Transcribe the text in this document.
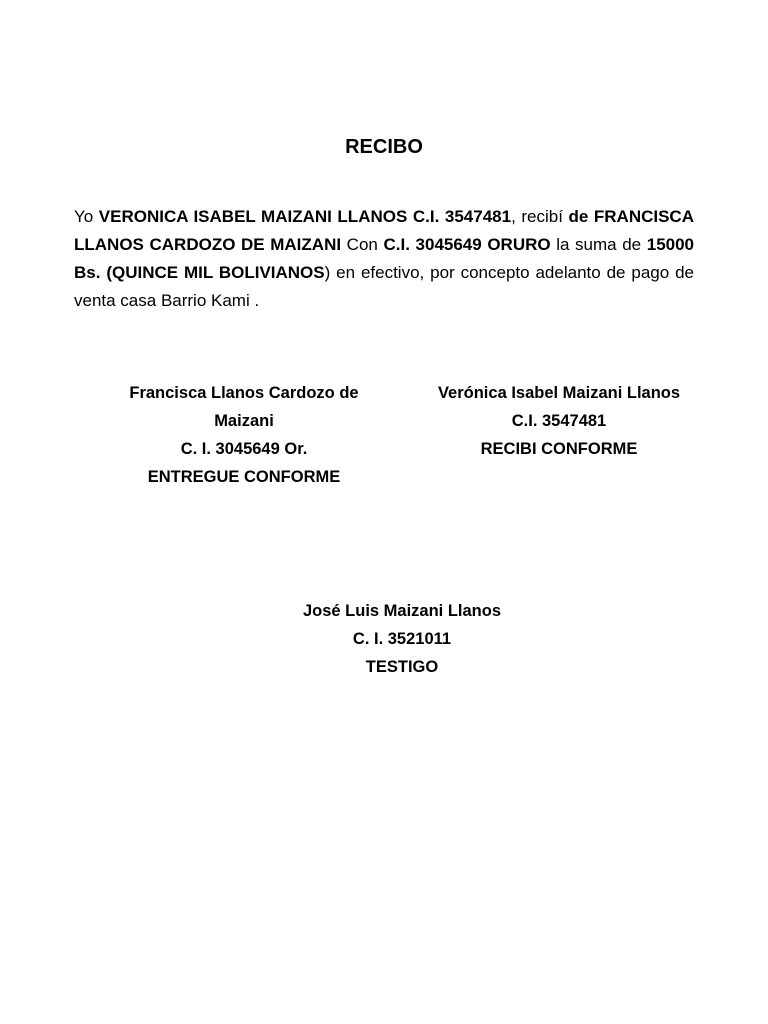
RECIBO

Yo VERONICA ISABEL MAIZANI LLANOS C.I. 3547481, recibí de FRANCISCA LLANOS CARDOZO DE MAIZANI Con C.I. 3045649 ORURO la suma de 15000 Bs. (QUINCE MIL BOLIVIANOS) en efectivo, por concepto adelanto de pago de venta casa Barrio Kami .

Francisca Llanos Cardozo de
Maizani
C. I. 3045649 Or.
ENTREGUE CONFORME
Verónica Isabel Maizani Llanos
C.I. 3547481
RECIBI CONFORME
José Luis Maizani Llanos
C. I. 3521011
TESTIGO
